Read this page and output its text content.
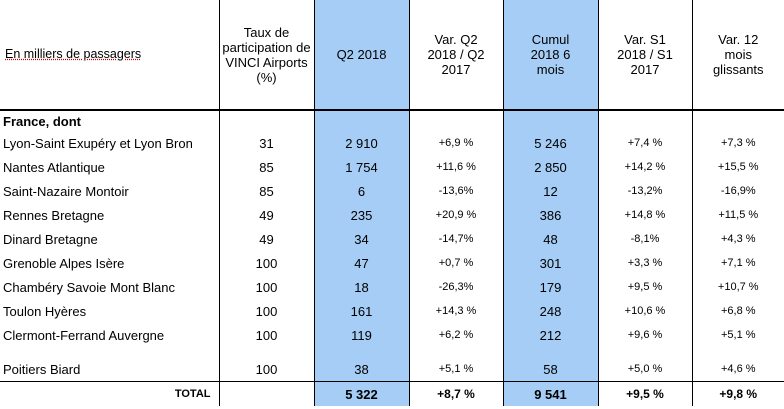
En milliers de passagers	Taux de participation de VINCI Airports (%)	Q2 2018	Var. Q2 2018 / Q2 2017	Cumul 2018 6 mois	Var. S1 2018 / S1 2017	Var. 12 mois glissants

France, dont						
Lyon-Saint Exupéry et Lyon Bron	31	2 910	+6,9 %	5 246	+7,4 %	+7,3 %
Nantes Atlantique	85	1 754	+11,6 %	2 850	+14,2 %	+15,5 %
Saint-Nazaire Montoir	85	6	-13,6%	12	-13,2%	-16,9%
Rennes Bretagne	49	235	+20,9 %	386	+14,8 %	+11,5 %
Dinard Bretagne	49	34	-14,7%	48	-8,1%	+4,3 %
Grenoble Alpes Isère	100	47	+0,7 %	301	+3,3 %	+7,1 %
Chambéry Savoie Mont Blanc	100	18	-26,3%	179	+9,5 %	+10,7 %
Toulon Hyères	100	161	+14,3 %	248	+10,6 %	+6,8 %
Clermont-Ferrand Auvergne	100	119	+6,2 %	212	+9,6 %	+5,1 %

Poitiers Biard	100	38	+5,1 %	58	+5,0 %	+4,6 %
TOTAL		5 322	+8,7 %	9 541	+9,5 %	+9,8 %
